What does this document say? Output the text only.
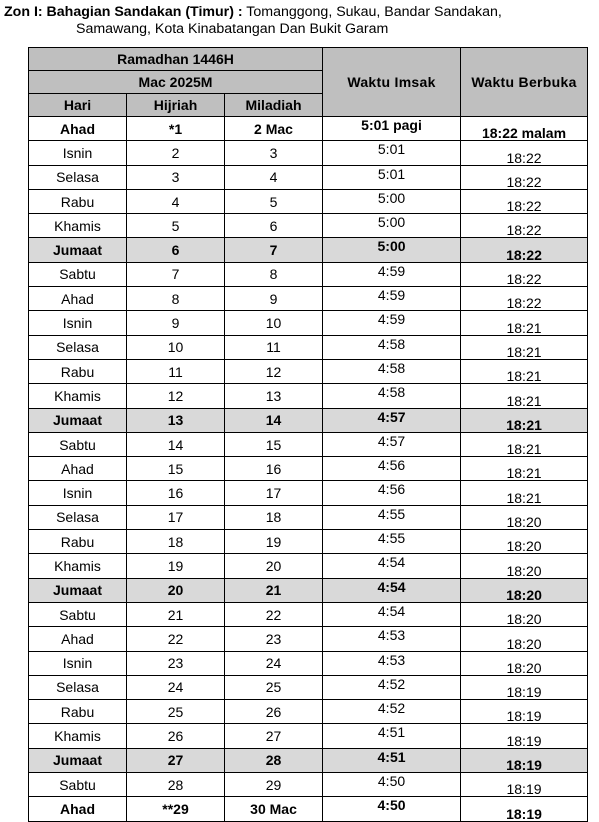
Zon I: Bahagian Sandakan (Timur) : Tomanggong, Sukau, Bandar Sandakan,
Samawang, Kota Kinabatangan Dan Bukit Garam
Ramadhan 1446H			Waktu Imsak	Waktu Berbuka
Mac 2025M				
Hari	Hijriah	Miladiah		
Ahad	*1	2 Mac	5:01 pagi	18:22 malam
Isnin	2	3	5:01	18:22
Selasa	3	4	5:01	18:22
Rabu	4	5	5:00	18:22
Khamis	5	6	5:00	18:22
Jumaat	6	7	5:00	18:22
Sabtu	7	8	4:59	18:22
Ahad	8	9	4:59	18:22
Isnin	9	10	4:59	18:21
Selasa	10	11	4:58	18:21
Rabu	11	12	4:58	18:21
Khamis	12	13	4:58	18:21
Jumaat	13	14	4:57	18:21
Sabtu	14	15	4:57	18:21
Ahad	15	16	4:56	18:21
Isnin	16	17	4:56	18:21
Selasa	17	18	4:55	18:20
Rabu	18	19	4:55	18:20
Khamis	19	20	4:54	18:20
Jumaat	20	21	4:54	18:20
Sabtu	21	22	4:54	18:20
Ahad	22	23	4:53	18:20
Isnin	23	24	4:53	18:20
Selasa	24	25	4:52	18:19
Rabu	25	26	4:52	18:19
Khamis	26	27	4:51	18:19
Jumaat	27	28	4:51	18:19
Sabtu	28	29	4:50	18:19
Ahad	**29	30 Mac	4:50	18:19
